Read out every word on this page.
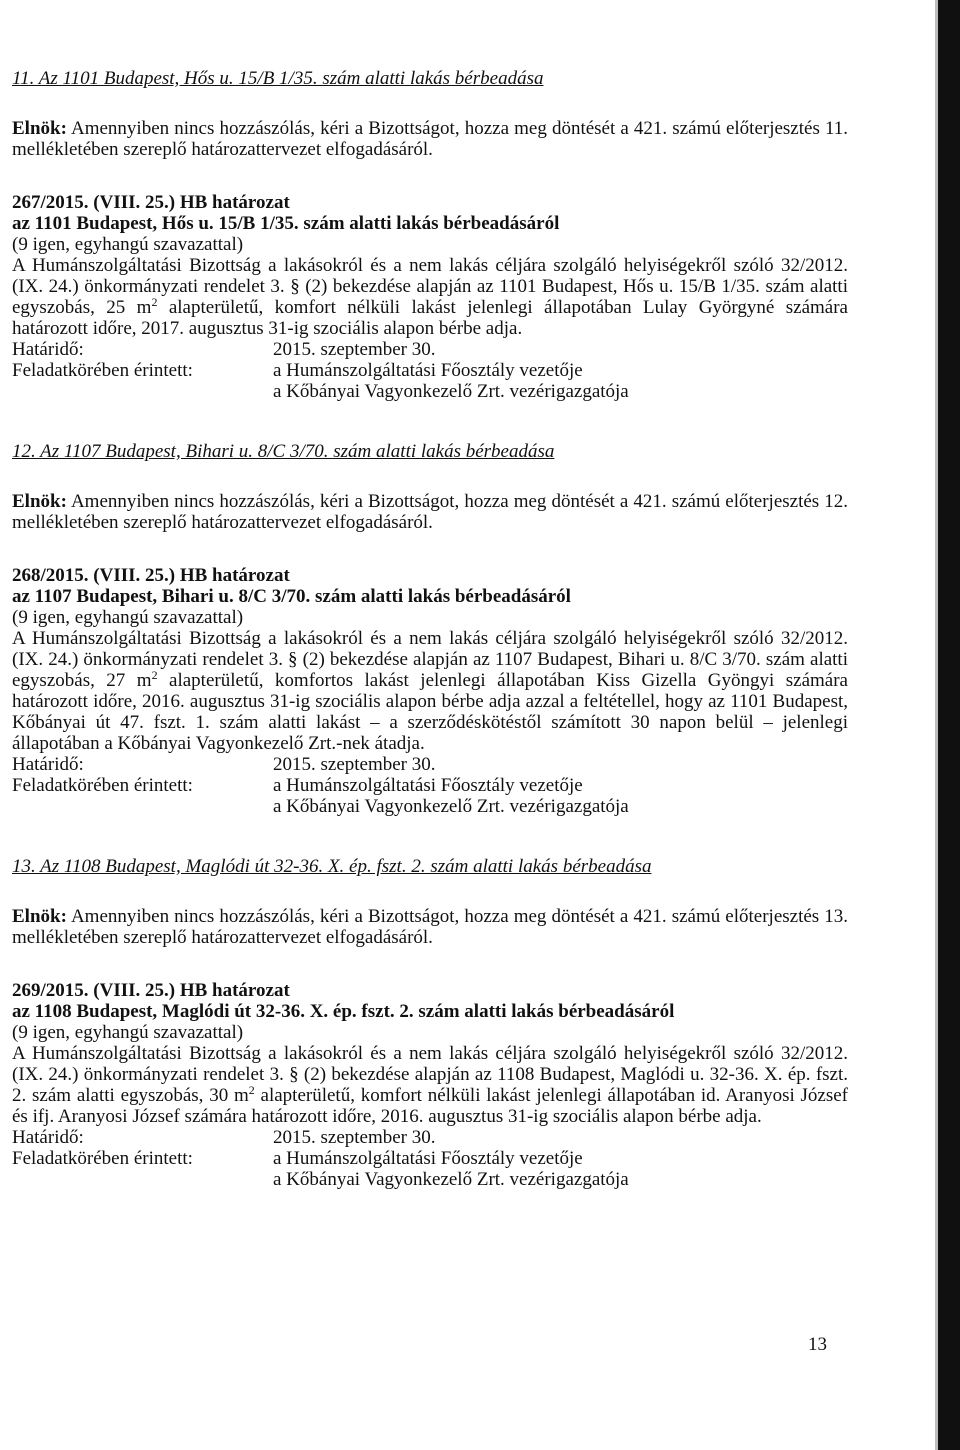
11. Az 1101 Budapest, Hős u. 15/B 1/35. szám alatti lakás bérbeadása

Elnök: Amennyiben nincs hozzászólás, kéri a Bizottságot, hozza meg döntését a 421. számú előterjesztés 11. mellékletében szereplő határozattervezet elfogadásáról.

267/2015. (VIII. 25.) HB határozat
az 1101 Budapest, Hős u. 15/B 1/35. szám alatti lakás bérbeadásáról
(9 igen, egyhangú szavazattal)
A Humánszolgáltatási Bizottság a lakásokról és a nem lakás céljára szolgáló helyiségekről szóló 32/2012. (IX. 24.) önkormányzati rendelet 3. § (2) bekezdése alapján az 1101 Budapest, Hős u. 15/B 1/35. szám alatti egyszobás, 25 $m^2$ alapterületű, komfort nélküli lakást jelenlegi állapotában Lulay Györgyné számára határozott időre, 2017. augusztus 31-ig szociális alapon bérbe adja.
Határidő:	2015. szeptember 30.
Feladatkörében érintett:	a Humánszolgáltatási Főosztály vezetője
a Kőbányai Vagyonkezelő Zrt. vezérigazgatója

12. Az 1107 Budapest, Bihari u. 8/C 3/70. szám alatti lakás bérbeadása

Elnök: Amennyiben nincs hozzászólás, kéri a Bizottságot, hozza meg döntését a 421. számú előterjesztés 12. mellékletében szereplő határozattervezet elfogadásáról.

268/2015. (VIII. 25.) HB határozat
az 1107 Budapest, Bihari u. 8/C 3/70. szám alatti lakás bérbeadásáról
(9 igen, egyhangú szavazattal)
A Humánszolgáltatási Bizottság a lakásokról és a nem lakás céljára szolgáló helyiségekről szóló 32/2012. (IX. 24.) önkormányzati rendelet 3. § (2) bekezdése alapján az 1107 Budapest, Bihari u. 8/C 3/70. szám alatti egyszobás, 27 $m^2$ alapterületű, komfortos lakást jelenlegi állapotában Kiss Gizella Gyöngyi számára határozott időre, 2016. augusztus 31-ig szociális alapon bérbe adja azzal a feltétellel, hogy az 1101 Budapest, Kőbányai út 47. fszt. 1. szám alatti lakást – a szerződéskötéstől számított 30 napon belül – jelenlegi állapotában a Kőbányai Vagyonkezelő Zrt.-nek átadja.
Határidő:	2015. szeptember 30.
Feladatkörében érintett:	a Humánszolgáltatási Főosztály vezetője
a Kőbányai Vagyonkezelő Zrt. vezérigazgatója

13. Az 1108 Budapest, Maglódi út 32-36. X. ép. fszt. 2. szám alatti lakás bérbeadása

Elnök: Amennyiben nincs hozzászólás, kéri a Bizottságot, hozza meg döntését a 421. számú előterjesztés 13. mellékletében szereplő határozattervezet elfogadásáról.

269/2015. (VIII. 25.) HB határozat
az 1108 Budapest, Maglódi út 32-36. X. ép. fszt. 2. szám alatti lakás bérbeadásáról
(9 igen, egyhangú szavazattal)
A Humánszolgáltatási Bizottság a lakásokról és a nem lakás céljára szolgáló helyiségekről szóló 32/2012. (IX. 24.) önkormányzati rendelet 3. § (2) bekezdése alapján az 1108 Budapest, Maglódi u. 32-36. X. ép. fszt. 2. szám alatti egyszobás, 30 $m^2$ alapterületű, komfort nélküli lakást jelenlegi állapotában id. Aranyosi József és ifj. Aranyosi József számára határozott időre, 2016. augusztus 31-ig szociális alapon bérbe adja.
Határidő:	2015. szeptember 30.
Feladatkörében érintett:	a Humánszolgáltatási Főosztály vezetője
a Kőbányai Vagyonkezelő Zrt. vezérigazgatója
13
